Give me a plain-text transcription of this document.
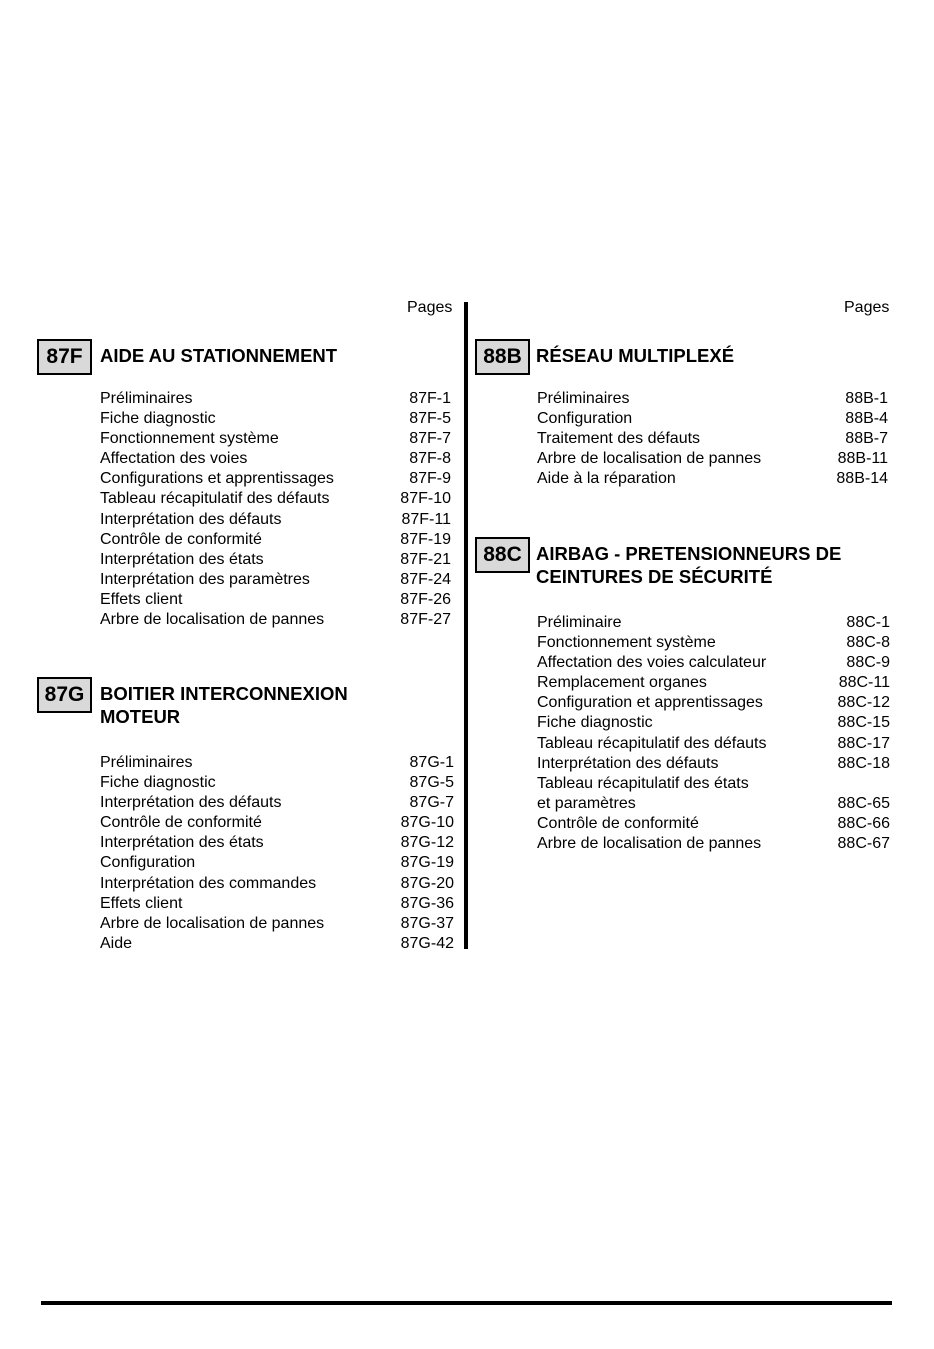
Pages	Pages
87F AIDE AU STATIONNEMENT
Préliminaires	87F-1
Fiche diagnostic	87F-5
Fonctionnement système	87F-7
Affectation des voies	87F-8
Configurations et apprentissages	87F-9
Tableau récapitulatif des défauts	87F-10
Interprétation des défauts	87F-11
Contrôle de conformité	87F-19
Interprétation des états	87F-21
Interprétation des paramètres	87F-24
Effets client	87F-26
Arbre de localisation de pannes	87F-27
87G BOITIER INTERCONNEXION
MOTEUR
Préliminaires	87G-1
Fiche diagnostic	87G-5
Interprétation des défauts	87G-7
Contrôle de conformité	87G-10
Interprétation des états	87G-12
Configuration	87G-19
Interprétation des commandes	87G-20
Effets client	87G-36
Arbre de localisation de pannes	87G-37
Aide	87G-42
88B RÉSEAU MULTIPLEXÉ
Préliminaires	88B-1
Configuration	88B-4
Traitement des défauts	88B-7
Arbre de localisation de pannes	88B-11
Aide à la réparation	88B-14
88C AIRBAG - PRETENSIONNEURS DE
CEINTURES DE SÉCURITÉ
Préliminaire	88C-1
Fonctionnement système	88C-8
Affectation des voies calculateur	88C-9
Remplacement organes	88C-11
Configuration et apprentissages	88C-12
Fiche diagnostic	88C-15
Tableau récapitulatif des défauts	88C-17
Interprétation des défauts	88C-18
Tableau récapitulatif des états
et paramètres	88C-65
Contrôle de conformité	88C-66
Arbre de localisation de pannes	88C-67
